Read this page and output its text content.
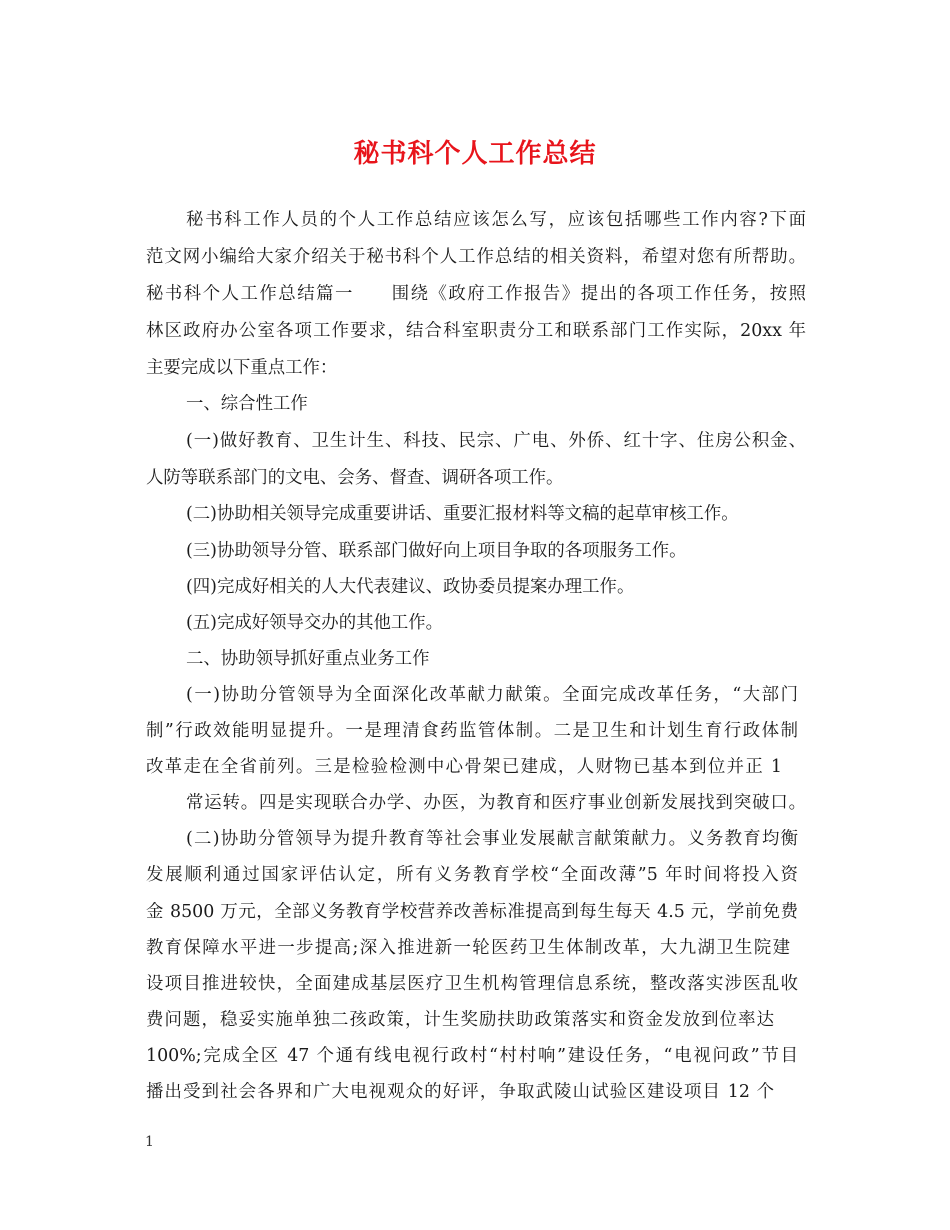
秘书科个人工作总结
秘书科工作人员的个人工作总结应该怎么写，应该包括哪些工作内容?下面
范文网小编给大家介绍关于秘书科个人工作总结的相关资料，希望对您有所帮助。
秘书科个人工作总结篇一　　围绕《政府工作报告》提出的各项工作任务，按照
林区政府办公室各项工作要求，结合科室职责分工和联系部门工作实际，20xx 年
主要完成以下重点工作：
一、综合性工作
(一)做好教育、卫生计生、科技、民宗、广电、外侨、红十字、住房公积金、
人防等联系部门的文电、会务、督查、调研各项工作。
(二)协助相关领导完成重要讲话、重要汇报材料等文稿的起草审核工作。
(三)协助领导分管、联系部门做好向上项目争取的各项服务工作。
(四)完成好相关的人大代表建议、政协委员提案办理工作。
(五)完成好领导交办的其他工作。
二、协助领导抓好重点业务工作
(一)协助分管领导为全面深化改革献力献策。全面完成改革任务，“大部门
制”行政效能明显提升。一是理清食药监管体制。二是卫生和计划生育行政体制
改革走在全省前列。三是检验检测中心骨架已建成，人财物已基本到位并正 1
常运转。四是实现联合办学、办医，为教育和医疗事业创新发展找到突破口。
(二)协助分管领导为提升教育等社会事业发展献言献策献力。义务教育均衡
发展顺利通过国家评估认定，所有义务教育学校“全面改薄”5 年时间将投入资
金 8500 万元，全部义务教育学校营养改善标准提高到每生每天 4.5 元，学前免费
教育保障水平进一步提高;深入推进新一轮医药卫生体制改革，大九湖卫生院建
设项目推进较快，全面建成基层医疗卫生机构管理信息系统，整改落实涉医乱收
费问题，稳妥实施单独二孩政策，计生奖励扶助政策落实和资金发放到位率达
100%;完成全区 47 个通有线电视行政村“村村响”建设任务，“电视问政”节目
播出受到社会各界和广大电视观众的好评，争取武陵山试验区建设项目 12 个
1
